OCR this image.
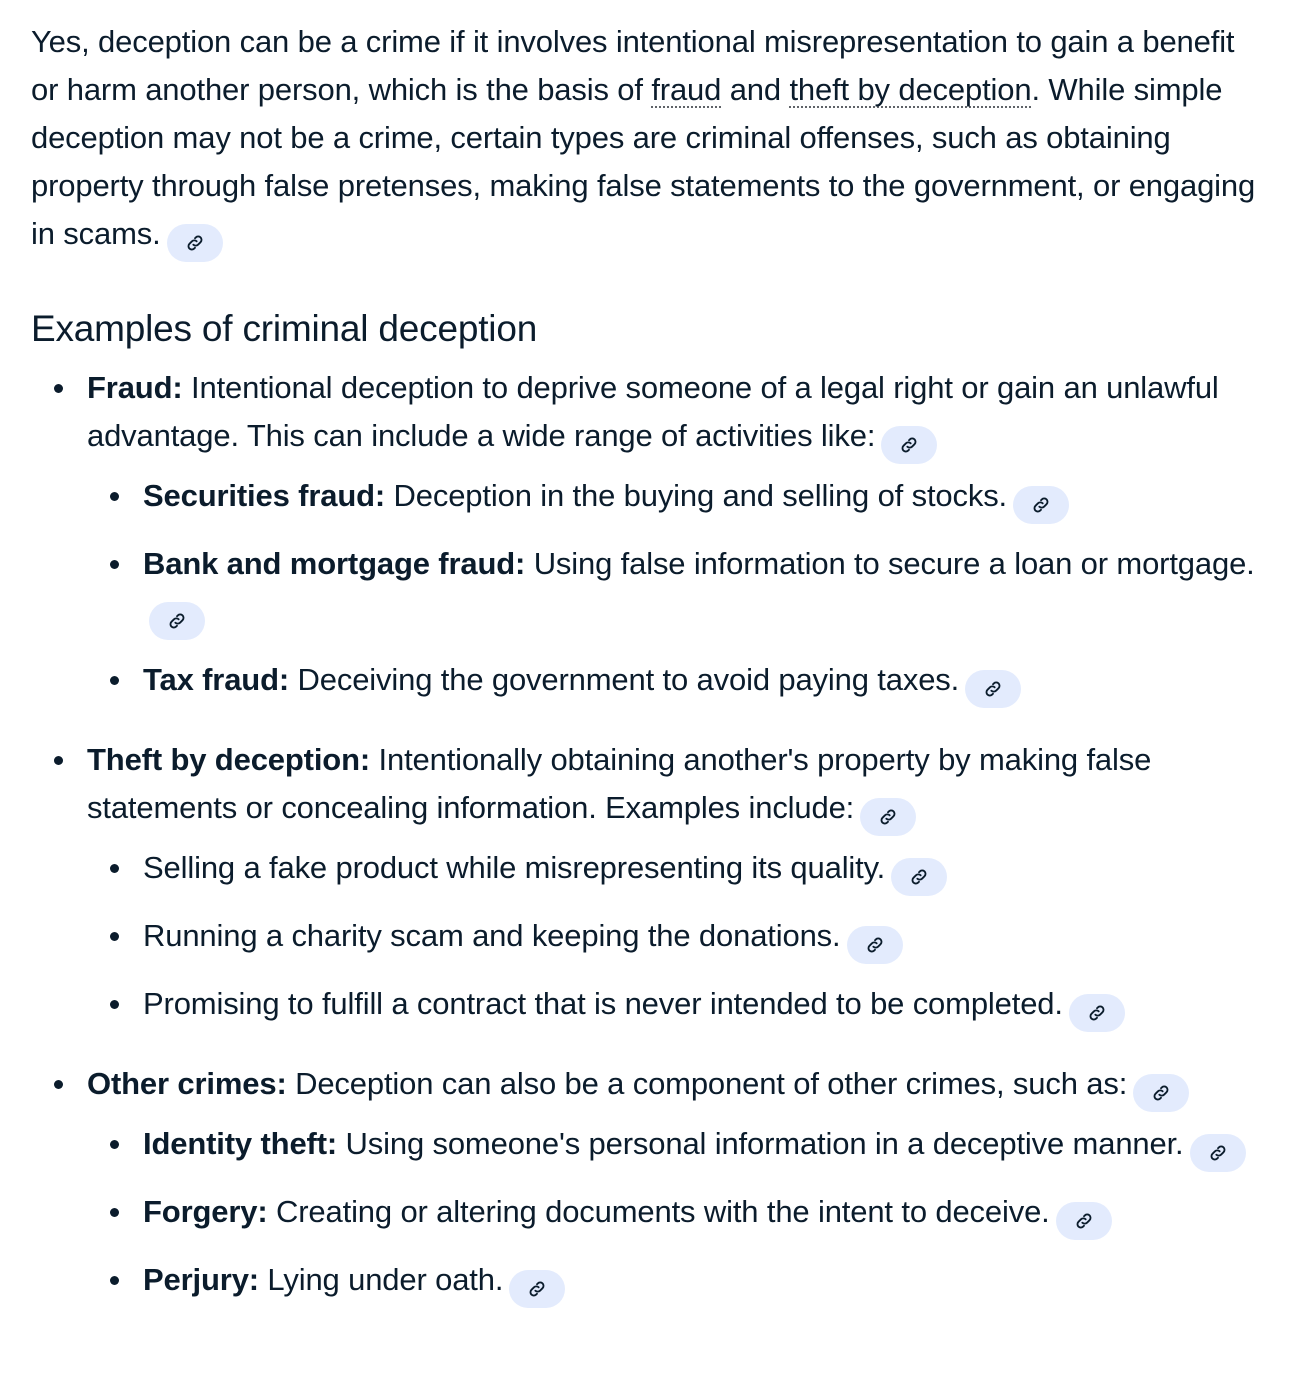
Yes, deception can be a crime if it involves intentional misrepresentation to gain a benefit or harm another person, which is the basis of fraud and theft by deception. While simple deception may not be a crime, certain types are criminal offenses, such as obtaining property through false pretenses, making false statements to the government, or engaging in scams.

Examples of criminal deception
Fraud: Intentional deception to deprive someone of a legal right or gain an unlawful advantage. This can include a wide range of activities like:
Securities fraud: Deception in the buying and selling of stocks.
Bank and mortgage fraud: Using false information to secure a loan or mortgage.
Tax fraud: Deceiving the government to avoid paying taxes.
Theft by deception: Intentionally obtaining another's property by making false statements or concealing information. Examples include:
Selling a fake product while misrepresenting its quality.
Running a charity scam and keeping the donations.
Promising to fulfill a contract that is never intended to be completed.
Other crimes: Deception can also be a component of other crimes, such as:
Identity theft: Using someone's personal information in a deceptive manner.
Forgery: Creating or altering documents with the intent to deceive.
Perjury: Lying under oath.
